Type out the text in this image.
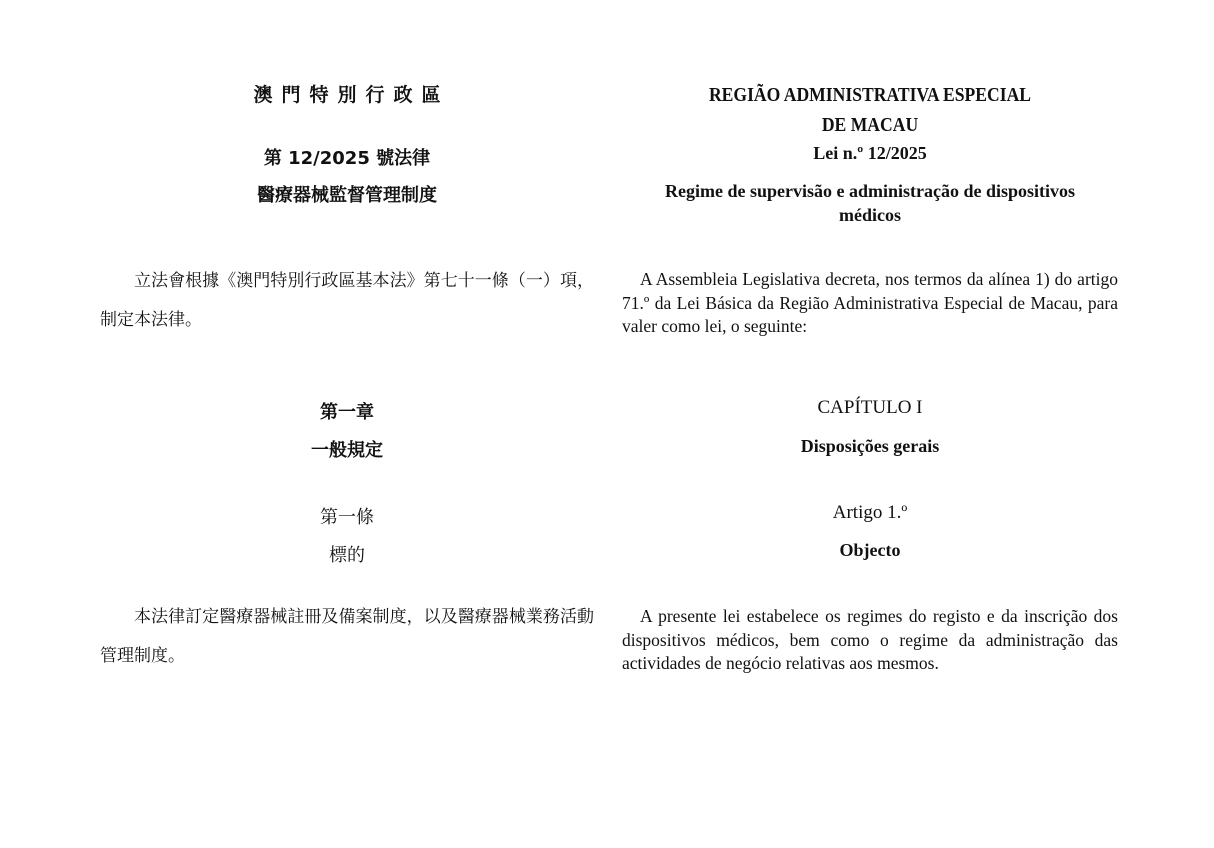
澳門特別行政區
第 12/2025 號法律
醫療器械監督管理制度

立法會根據《澳門特別行政區基本法》第七十一條（一）項，制定本法律。

第一章
一般規定
第一條
標的

本法律訂定醫療器械註冊及備案制度，以及醫療器械業務活動管理制度。

REGIÃO ADMINISTRATIVA ESPECIAL
DE MACAU
Lei n.º 12/2025
Regime de supervisão e administração de dispositivos médicos

A Assembleia Legislativa decreta, nos termos da alínea 1) do artigo 71.º da Lei Básica da Região Administrativa Especial de Macau, para valer como lei, o seguinte:

CAPÍTULO I
Disposições gerais
Artigo 1.º
Objecto

A presente lei estabelece os regimes do registo e da inscrição dos dispositivos médicos, bem como o regime da administração das actividades de negócio relativas aos mesmos.
